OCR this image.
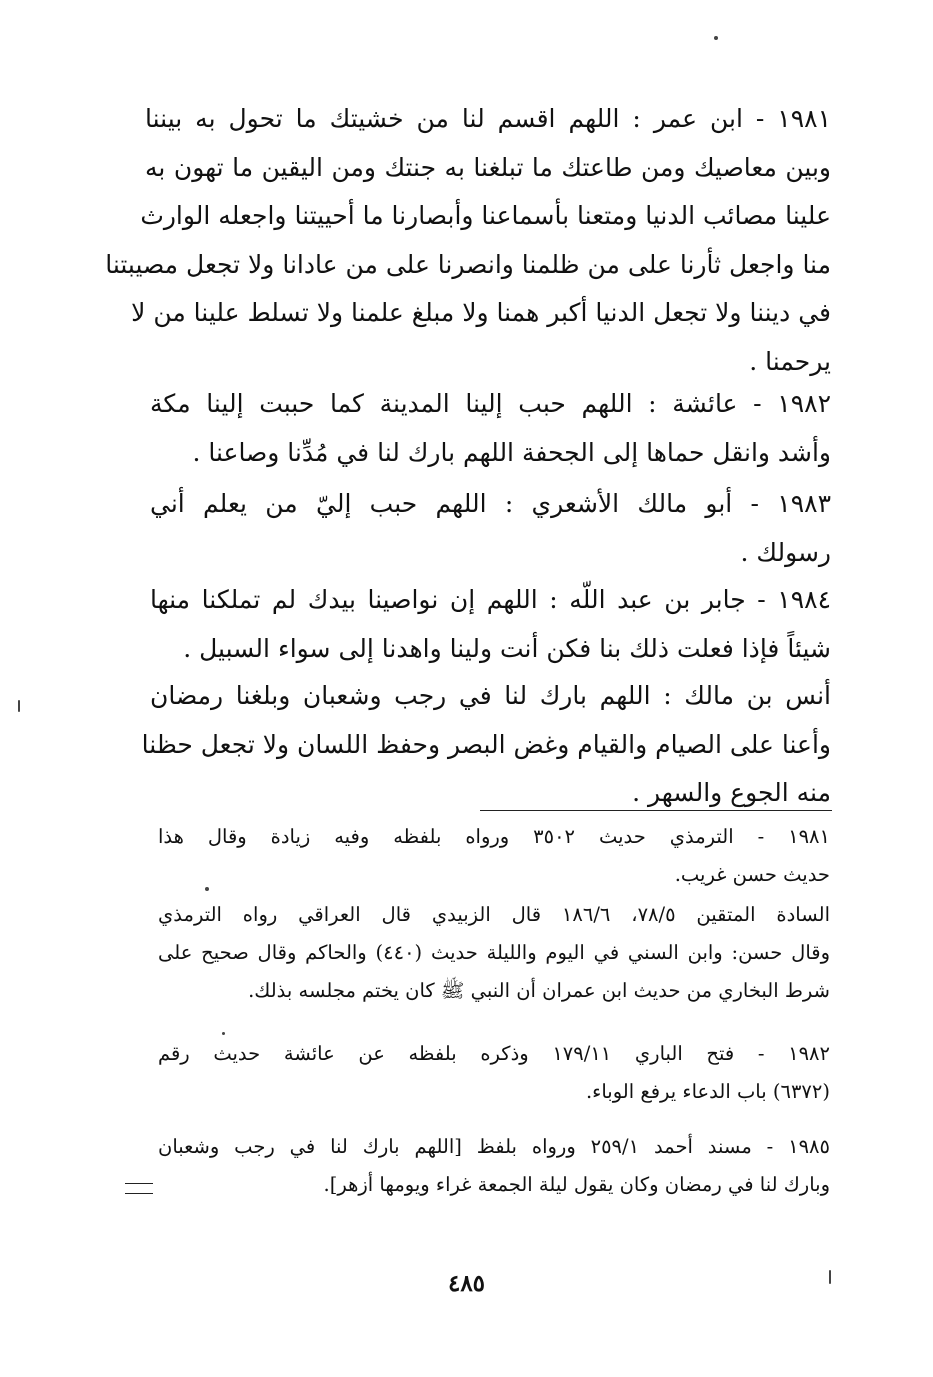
١٩٨١ - ابن عمر : اللهم اقسم لنا من خشيتك ما تحول به بيننا
وبين معاصيك ومن طاعتك ما تبلغنا به جنتك ومن اليقين ما تهون به
علينا مصائب الدنيا ومتعنا بأسماعنا وأبصارنا ما أحييتنا واجعله الوارث
منا واجعل ثأرنا على من ظلمنا وانصرنا على من عادانا ولا تجعل مصيبتنا
في ديننا ولا تجعل الدنيا أكبر همنا ولا مبلغ علمنا ولا تسلط علينا من لا
يرحمنا .
١٩٨٢ - عائشة : اللهم حبب إلينا المدينة كما حببت إلينا مكة
وأشد وانقل حماها إلى الجحفة اللهم بارك لنا في مُدِّنا وصاعنا .
١٩٨٣ - أبو مالك الأشعري : اللهم حبب إليّ من يعلم أني
رسولك .
١٩٨٤ - جابر بن عبد اللّه : اللهم إن نواصينا بيدك لم تملكنا منها
شيئاً فإذا فعلت ذلك بنا فكن أنت ولينا واهدنا إلى سواء السبيل .
أنس بن مالك : اللهم بارك لنا في رجب وشعبان وبلغنا رمضان
وأعنا على الصيام والقيام وغض البصر وحفظ اللسان ولا تجعل حظنا
منه الجوع والسهر .
١٩٨١ - الترمذي حديث ٣٥٠٢ ورواه بلفظه وفيه زيادة وقال هذا
حديث حسن غريب.
السادة المتقين ٧٨/٥، ١٨٦/٦ قال الزبيدي قال العراقي رواه الترمذي
وقال حسن: وابن السني في اليوم والليلة حديث (٤٤٠) والحاكم وقال صحيح على
شرط البخاري من حديث ابن عمران أن النبي ﷺ كان يختم مجلسه بذلك.
١٩٨٢ - فتح الباري ١٧٩/١١ وذكره بلفظه عن عائشة حديث رقم
(٦٣٧٢) باب الدعاء يرفع الوباء.
١٩٨٥ - مسند أحمد ٢٥٩/١ ورواه بلفظ [اللهم بارك لنا في رجب وشعبان
وبارك لنا في رمضان وكان يقول ليلة الجمعة غراء ويومها أزهر].
٤٨٥
